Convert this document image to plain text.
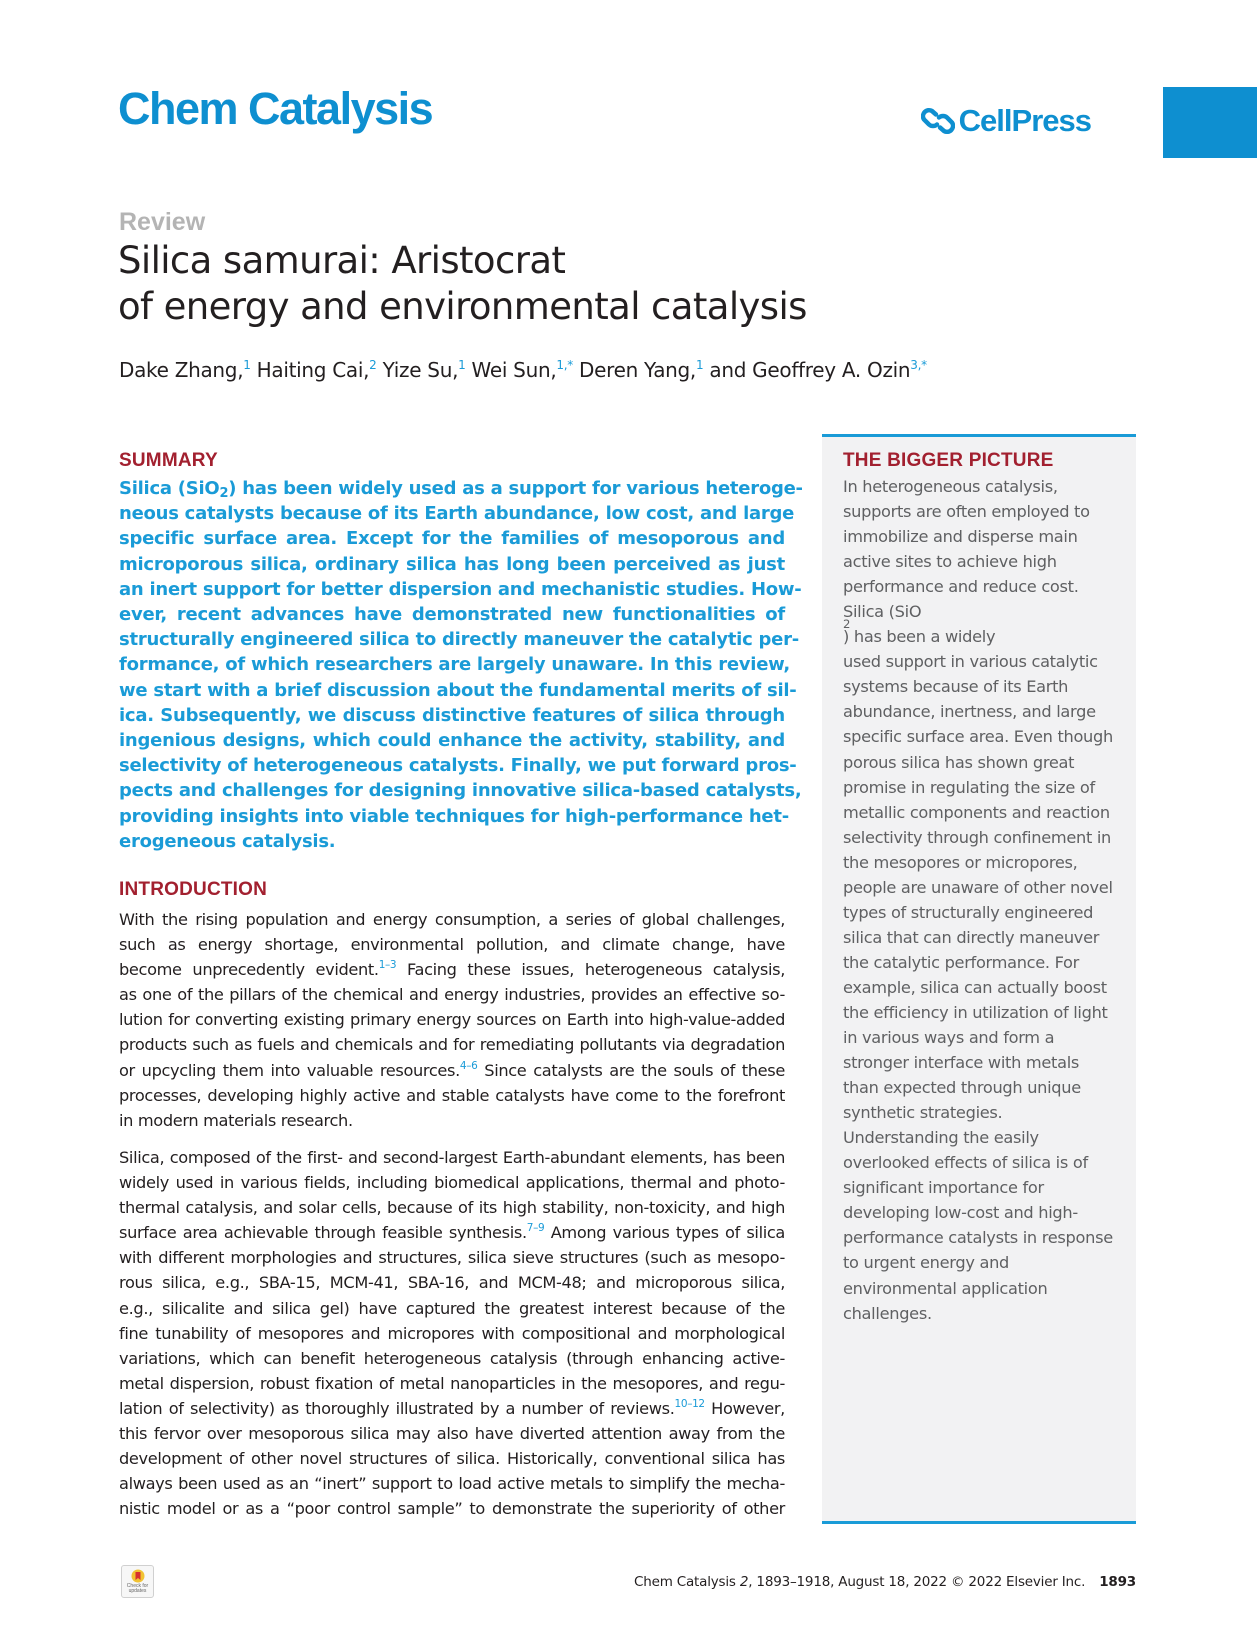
Chem Catalysis	CellPress
Review
Silica samurai: Aristocrat
of energy and environmental catalysis
Dake Zhang,$^1$ Haiting Cai,$^2$ Yize Su,$^1$ Wei Sun,$^{1,*}$ Deren Yang,$^1$ and Geoffrey A. Ozin$^{3,*}$
SUMMARY
Silica (SiO$_2$) has been widely used as a support for various heteroge-
neous catalysts because of its Earth abundance, low cost, and large
specific surface area. Except for the families of mesoporous and
microporous silica, ordinary silica has long been perceived as just
an inert support for better dispersion and mechanistic studies. How-
ever, recent advances have demonstrated new functionalities of
structurally engineered silica to directly maneuver the catalytic per-
formance, of which researchers are largely unaware. In this review,
we start with a brief discussion about the fundamental merits of sil-
ica. Subsequently, we discuss distinctive features of silica through
ingenious designs, which could enhance the activity, stability, and
selectivity of heterogeneous catalysts. Finally, we put forward pros-
pects and challenges for designing innovative silica-based catalysts,
providing insights into viable techniques for high-performance het-
erogeneous catalysis.
INTRODUCTION
With the rising population and energy consumption, a series of global challenges,
such as energy shortage, environmental pollution, and climate change, have
become unprecedently evident.$^{1-3}$ Facing these issues, heterogeneous catalysis,
as one of the pillars of the chemical and energy industries, provides an effective so-
lution for converting existing primary energy sources on Earth into high-value-added
products such as fuels and chemicals and for remediating pollutants via degradation
or upcycling them into valuable resources.$^{4-6}$ Since catalysts are the souls of these
processes, developing highly active and stable catalysts have come to the forefront
in modern materials research.
Silica, composed of the first- and second-largest Earth-abundant elements, has been
widely used in various fields, including biomedical applications, thermal and photo-
thermal catalysis, and solar cells, because of its high stability, non-toxicity, and high
surface area achievable through feasible synthesis.$^{7-9}$ Among various types of silica
with different morphologies and structures, silica sieve structures (such as mesopo-
rous silica, e.g., SBA-15, MCM-41, SBA-16, and MCM-48; and microporous silica,
e.g., silicalite and silica gel) have captured the greatest interest because of the
fine tunability of mesopores and micropores with compositional and morphological
variations, which can benefit heterogeneous catalysis (through enhancing active-
metal dispersion, robust fixation of metal nanoparticles in the mesopores, and regu-
lation of selectivity) as thoroughly illustrated by a number of reviews.$^{10-12}$ However,
this fervor over mesoporous silica may also have diverted attention away from the
development of other novel structures of silica. Historically, conventional silica has
always been used as an “inert” support to load active metals to simplify the mecha-
nistic model or as a “poor control sample” to demonstrate the superiority of other
THE BIGGER PICTURE
In heterogeneous catalysis,
supports are often employed to
immobilize and disperse main
active sites to achieve high
performance and reduce cost.
Silica (SiO
2
) has been a widely
used support in various catalytic
systems because of its Earth
abundance, inertness, and large
specific surface area. Even though
porous silica has shown great
promise in regulating the size of
metallic components and reaction
selectivity through confinement in
the mesopores or micropores,
people are unaware of other novel
types of structurally engineered
silica that can directly maneuver
the catalytic performance. For
example, silica can actually boost
the efficiency in utilization of light
in various ways and form a
stronger interface with metals
than expected through unique
synthetic strategies.
Understanding the easily
overlooked effects of silica is of
significant importance for
developing low-cost and high-
performance catalysts in response
to urgent energy and
environmental application
challenges.
Check for
updates
Chem Catalysis 2, 1893–1918, August 18, 2022 © 2022 Elsevier Inc. 1893
